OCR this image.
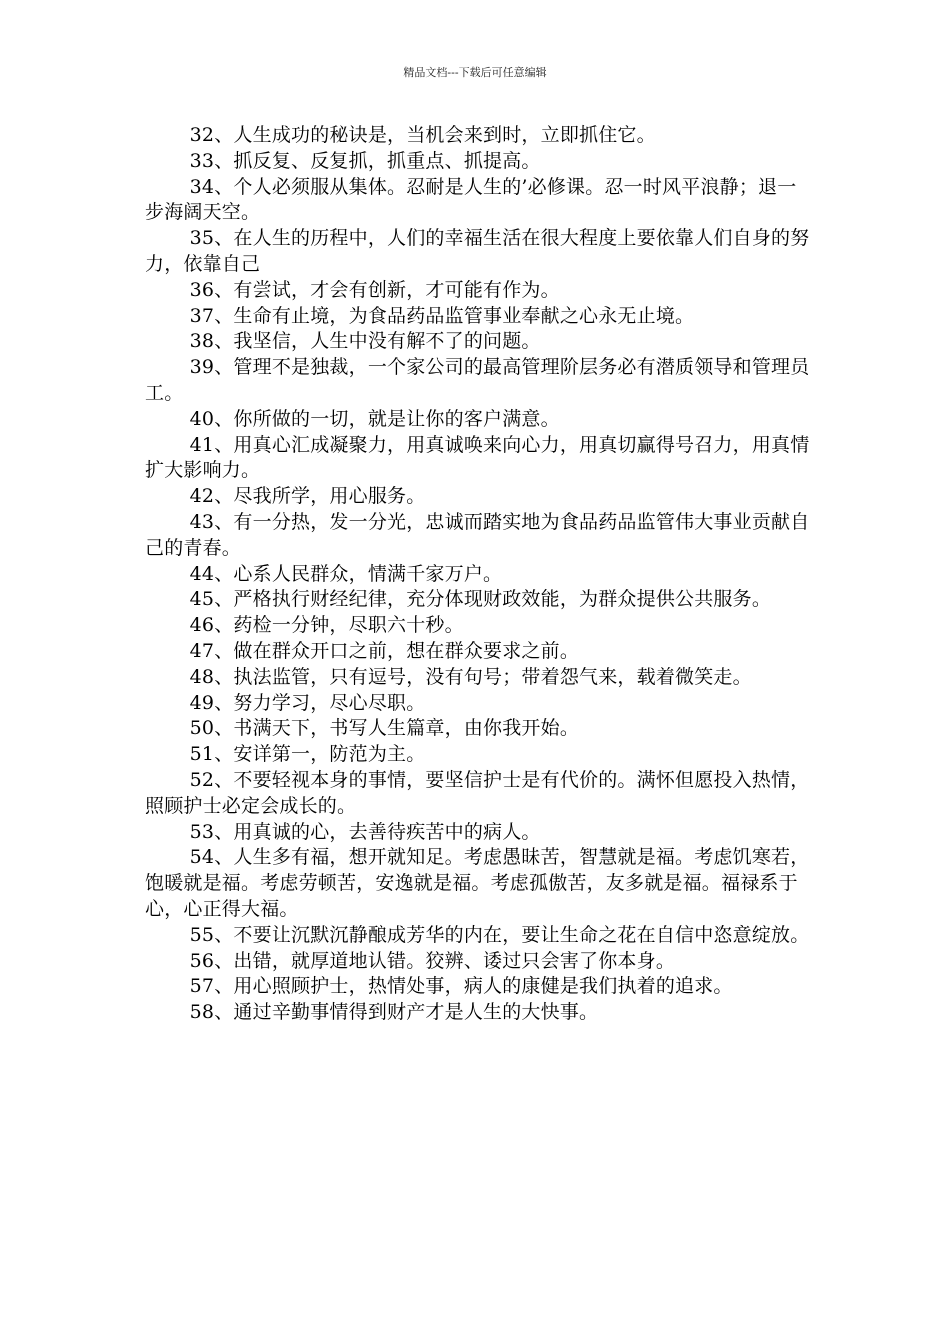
精品文档---下载后可任意编辑

32、人生成功的秘诀是，当机会来到时，立即抓住它。

33、抓反复、反复抓，抓重点、抓提高。

34、个人必须服从集体。忍耐是人生的’必修课。忍一时风平浪静；退一步海阔天空。

35、在人生的历程中，人们的幸福生活在很大程度上要依靠人们自身的努力，依靠自己

36、有尝试，才会有创新，才可能有作为。

37、生命有止境，为食品药品监管事业奉献之心永无止境。

38、我坚信，人生中没有解不了的问题。

39、管理不是独裁，一个家公司的最高管理阶层务必有潜质领导和管理员工。

40、你所做的一切，就是让你的客户满意。

41、用真心汇成凝聚力，用真诚唤来向心力，用真切赢得号召力，用真情扩大影响力。

42、尽我所学，用心服务。

43、有一分热，发一分光，忠诚而踏实地为食品药品监管伟大事业贡献自己的青春。

44、心系人民群众，情满千家万户。

45、严格执行财经纪律，充分体现财政效能，为群众提供公共服务。

46、药检一分钟，尽职六十秒。

47、做在群众开口之前，想在群众要求之前。

48、执法监管，只有逗号，没有句号；带着怨气来，载着微笑走。

49、努力学习，尽心尽职。

50、书满天下，书写人生篇章，由你我开始。

51、安详第一，防范为主。

52、不要轻视本身的事情，要坚信护士是有代价的。满怀但愿投入热情，照顾护士必定会成长的。

53、用真诚的心，去善待疾苦中的病人。

54、人生多有福，想开就知足。考虑愚昧苦，智慧就是福。考虑饥寒若，饱暖就是福。考虑劳顿苦，安逸就是福。考虑孤傲苦，友多就是福。福禄系于心，心正得大福。

55、不要让沉默沉静酿成芳华的内在，要让生命之花在自信中恣意绽放。

56、出错，就厚道地认错。狡辨、诿过只会害了你本身。

57、用心照顾护士，热情处事，病人的康健是我们执着的追求。

58、通过辛勤事情得到财产才是人生的大快事。
